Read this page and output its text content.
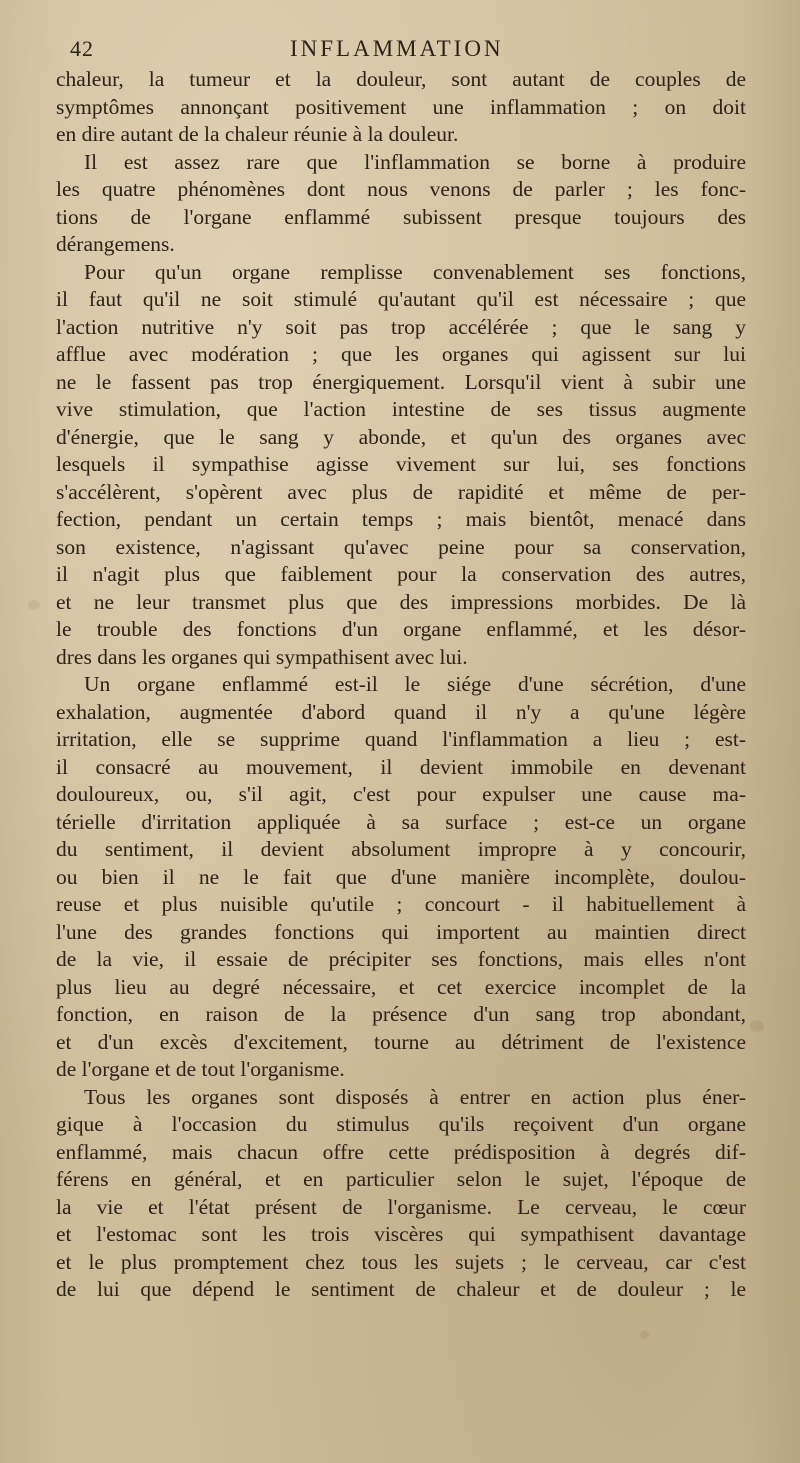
42	INFLAMMATION
chaleur, la tumeur et la douleur, sont autant de couples de
symptômes annonçant positivement une inflammation ; on doit
en dire autant de la chaleur réunie à la douleur.
Il est assez rare que l'inflammation se borne à produire
les quatre phénomènes dont nous venons de parler ; les fonc-
tions de l'organe enflammé subissent presque toujours des
dérangemens.
Pour qu'un organe remplisse convenablement ses fonctions,
il faut qu'il ne soit stimulé qu'autant qu'il est nécessaire ; que
l'action nutritive n'y soit pas trop accélérée ; que le sang y
afflue avec modération ; que les organes qui agissent sur lui
ne le fassent pas trop énergiquement. Lorsqu'il vient à subir une
vive stimulation, que l'action intestine de ses tissus augmente
d'énergie, que le sang y abonde, et qu'un des organes avec
lesquels il sympathise agisse vivement sur lui, ses fonctions
s'accélèrent, s'opèrent avec plus de rapidité et même de per-
fection, pendant un certain temps ; mais bientôt, menacé dans
son existence, n'agissant qu'avec peine pour sa conservation,
il n'agit plus que faiblement pour la conservation des autres,
et ne leur transmet plus que des impressions morbides. De là
le trouble des fonctions d'un organe enflammé, et les désor-
dres dans les organes qui sympathisent avec lui.
Un organe enflammé est-il le siége d'une sécrétion, d'une
exhalation, augmentée d'abord quand il n'y a qu'une légère
irritation, elle se supprime quand l'inflammation a lieu ; est-
il consacré au mouvement, il devient immobile en devenant
douloureux, ou, s'il agit, c'est pour expulser une cause ma-
térielle d'irritation appliquée à sa surface ; est-ce un organe
du sentiment, il devient absolument impropre à y concourir,
ou bien il ne le fait que d'une manière incomplète, doulou-
reuse et plus nuisible qu'utile ; concourt - il habituellement à
l'une des grandes fonctions qui importent au maintien direct
de la vie, il essaie de précipiter ses fonctions, mais elles n'ont
plus lieu au degré nécessaire, et cet exercice incomplet de la
fonction, en raison de la présence d'un sang trop abondant,
et d'un excès d'excitement, tourne au détriment de l'existence
de l'organe et de tout l'organisme.
Tous les organes sont disposés à entrer en action plus éner-
gique à l'occasion du stimulus qu'ils reçoivent d'un organe
enflammé, mais chacun offre cette prédisposition à degrés dif-
férens en général, et en particulier selon le sujet, l'époque de
la vie et l'état présent de l'organisme. Le cerveau, le cœur
et l'estomac sont les trois viscères qui sympathisent davantage
et le plus promptement chez tous les sujets ; le cerveau, car c'est
de lui que dépend le sentiment de chaleur et de douleur ; le
